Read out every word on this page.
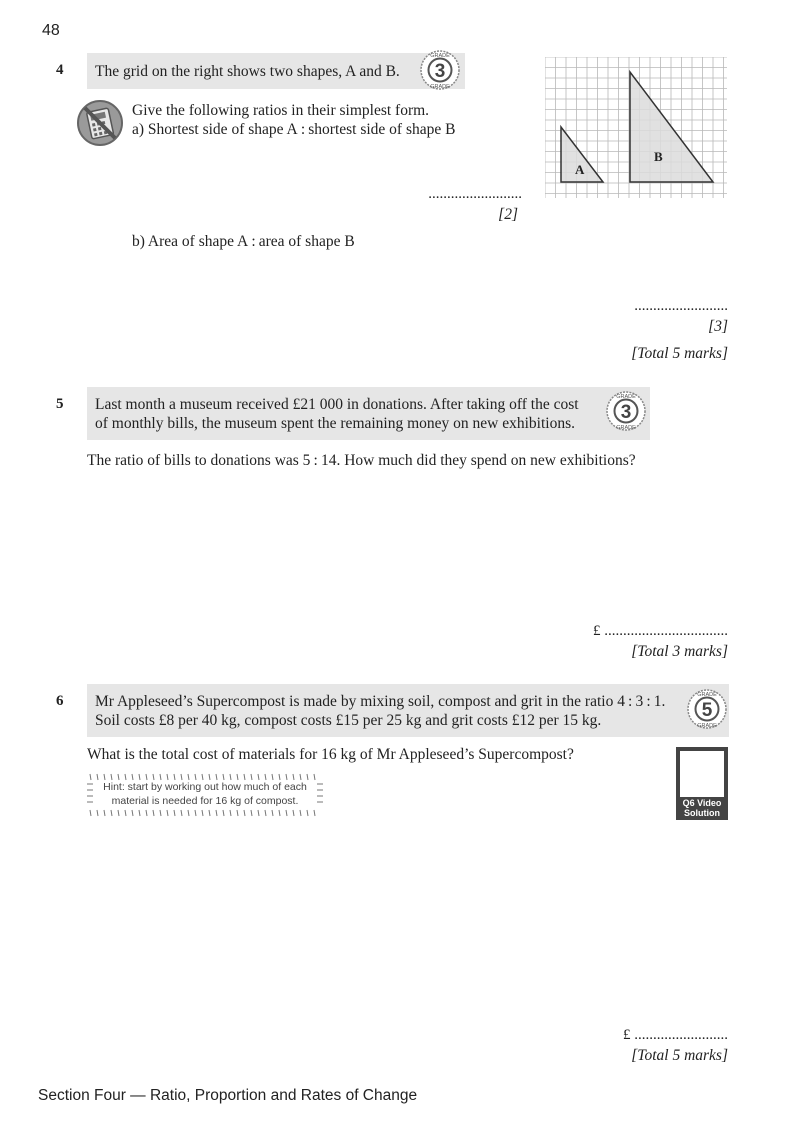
48
4 The grid on the right shows two shapes, A and B.
GRADE
GRADE
3
Give the following ratios in their simplest form.
a) Shortest side of shape A : shortest side of shape B
A
B
.........................
[2]
b) Area of shape A : area of shape B
.........................
[3]
[Total 5 marks]
5 Last month a museum received £21 000 in donations. After taking off the cost
of monthly bills, the museum spent the remaining money on new exhibitions.
GRADE
GRADE
3
The ratio of bills to donations was 5 : 14. How much did they spend on new exhibitions?
£ .................................
[Total 3 marks]
6 Mr Appleseed’s Supercompost is made by mixing soil, compost and grit in the ratio 4 : 3 : 1.
Soil costs £8 per 40 kg, compost costs £15 per 25 kg and grit costs £12 per 15 kg.
GRADE
GRADE
5
What is the total cost of materials for 16 kg of Mr Appleseed’s Supercompost?
Hint: start by working out how much of each
material is needed for 16 kg of compost.	Q6 Video
Solution
£ .........................
[Total 5 marks]
Section Four — Ratio, Proportion and Rates of Change
